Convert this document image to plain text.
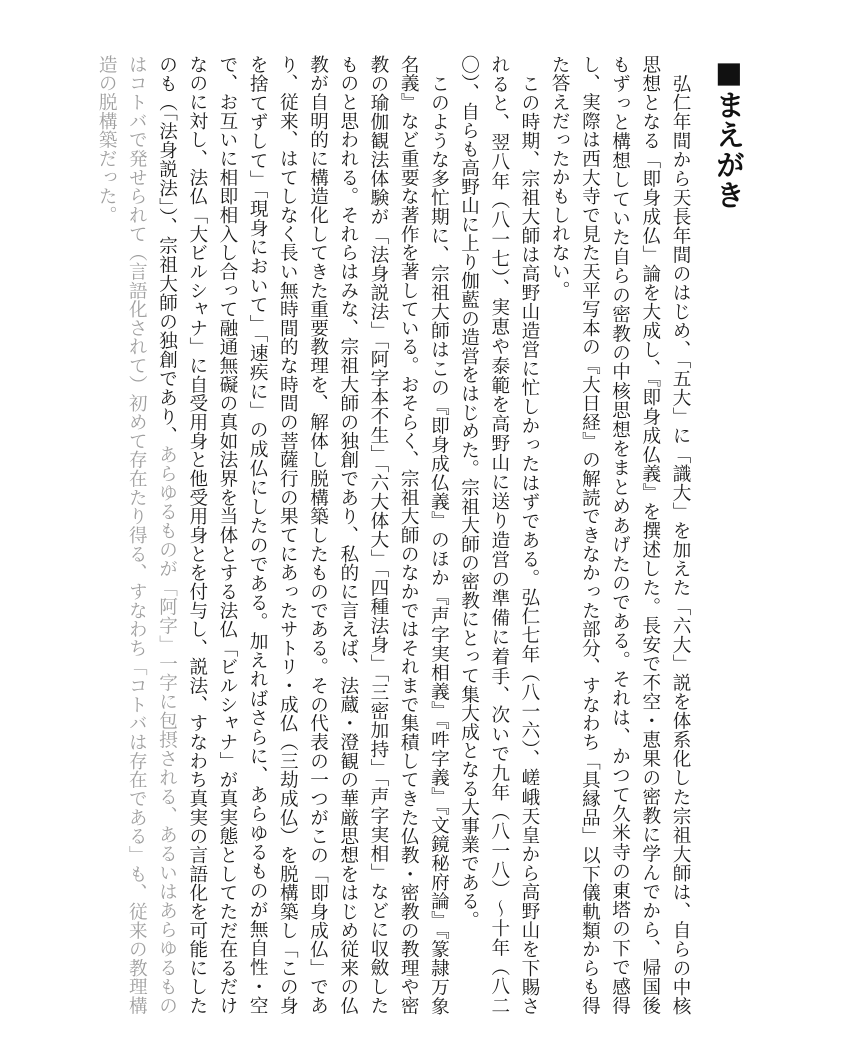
■まえがき

弘仁年間から天長年間のはじめ、「五大」に「識大」を加えた「六大」説を体系化した宗祖大師は、自らの中核思想となる「即身成仏」論を大成し、『即身成仏義』を撰述した。長安で不空・恵果の密教に学んでから、帰国後もずっと構想していた自らの密教の中核思想をまとめあげたのである。それは、かつて久米寺の東塔の下で感得し、実際は西大寺で見た天平写本の『大日経』の解読できなかった部分、すなわち「具縁品」以下儀軌類からも得た答えだったかもしれない。

この時期、宗祖大師は高野山造営に忙しかったはずである。弘仁七年（八一六）、嵯峨天皇から高野山を下賜されると、翌八年（八一七）、実恵や泰範を高野山に送り造営の準備に着手、次いで九年（八一八）〜十年（八二〇）、自らも高野山に上り伽藍の造営をはじめた。宗祖大師の密教にとって集大成となる大事業である。

このような多忙期に、宗祖大師はこの『即身成仏義』のほか『声字実相義』『吽字義』『文鏡秘府論』『篆隷万象名義』など重要な著作を著している。おそらく、宗祖大師のなかではそれまで集積してきた仏教・密教の教理や密教の瑜伽観法体験が「法身説法」「阿字本不生」「六大体大」「四種法身」「三密加持」「声字実相」などに収斂したものと思われる。それらはみな、宗祖大師の独創であり、私的に言えば、法蔵・澄観の華厳思想をはじめ従来の仏教が自明的に構造化してきた重要教理を、解体し脱構築したものである。その代表の一つがこの「即身成仏」であり、従来、はてしなく長い無時間的な時間の菩薩行の果てにあったサトリ・成仏（三劫成仏）を脱構築し「この身を捨てずして」「現身において」「速疾に」の成仏にしたのである。加えればさらに、あらゆるものが無自性・空で、お互いに相即相入し合って融通無礙の真如法界を当体とする法仏「ビルシャナ」が真実態としてただ在るだけなのに対し、法仏「大ビルシャナ」に自受用身と他受用身とを付与し、説法、すなわち真実の言語化を可能にしたのも（「法身説法」）、宗祖大師の独創であり、あらゆるものが「阿字」一字に包摂される、あるいはあらゆるものはコトバで発せられて（言語化されて）初めて存在たり得る、すなわち「コトバは存在である」も、従来の教理構造の脱構築だった。
